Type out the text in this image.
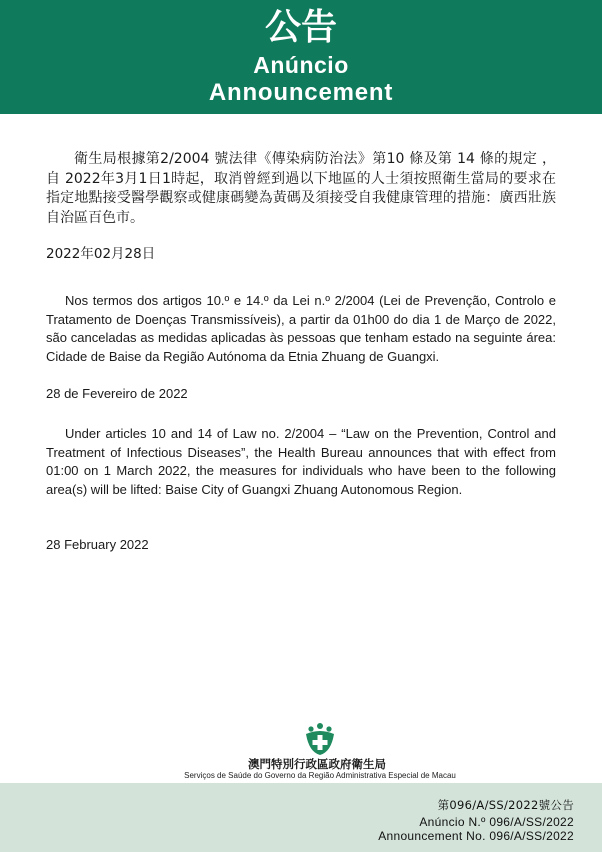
公告
Anúncio
Announcement

衛生局根據第2/2004 號法律《傳染病防治法》第10 條及第 14 條的規定 ，自 2022年3月1日1時起，取消曾經到過以下地區的人士須按照衛生當局的要求在指定地點接受醫學觀察或健康碼變為黃碼及須接受自我健康管理的措施：廣西壯族自治區百色市。

2022年02月28日

Nos termos dos artigos 10.º e 14.º da Lei n.º 2/2004 (Lei de Prevenção, Controlo e Tratamento de Doenças Transmissíveis), a partir da 01h00 do dia 1 de Março de 2022, são canceladas as medidas aplicadas às pessoas que tenham estado na seguinte área: Cidade de Baise da Região Autónoma da Etnia Zhuang de Guangxi.

28 de Fevereiro de 2022

Under articles 10 and 14 of Law no. 2/2004 – “Law on the Prevention, Control and Treatment of Infectious Diseases”, the Health Bureau announces that with effect from 01:00 on 1 March 2022, the measures for individuals who have been to the following area(s) will be lifted: Baise City of Guangxi Zhuang Autonomous Region.

28 February 2022
澳門特別行政區政府衛生局
Serviços de Saúde do Governo da Região Administrativa Especial de Macau
第096/A/SS/2022號公告
Anúncio N.º 096/A/SS/2022
Announcement No. 096/A/SS/2022
